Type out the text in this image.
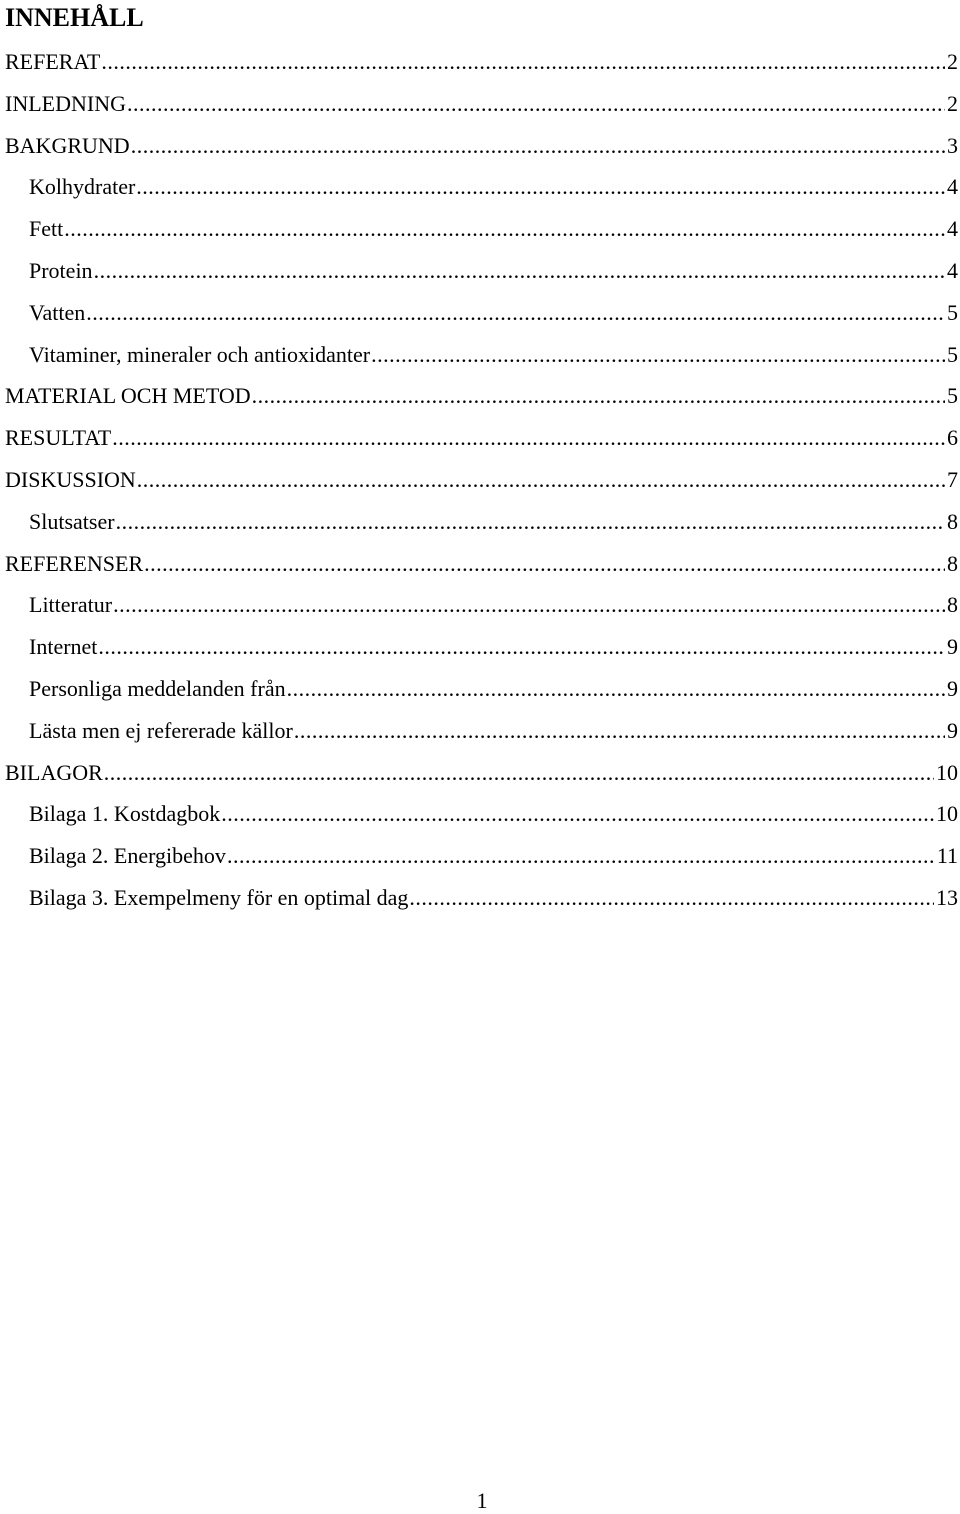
INNEHÅLL
REFERAT .....	2
INLEDNING .....	2
BAKGRUND .....	3
Kolhydrater .....	4
Fett .....	4
Protein .....	4
Vatten .....	5
Vitaminer, mineraler och antioxidanter .....	5
MATERIAL OCH METOD .....	5
RESULTAT .....	6
DISKUSSION .....	7
Slutsatser .....	8
REFERENSER .....	8
Litteratur .....	8
Internet .....	9
Personliga meddelanden från .....	9
Lästa men ej refererade källor .....	9
BILAGOR .....	10
Bilaga 1. Kostdagbok .....	10
Bilaga 2. Energibehov .....	11
Bilaga 3. Exempelmeny för en optimal dag .....	13
1
